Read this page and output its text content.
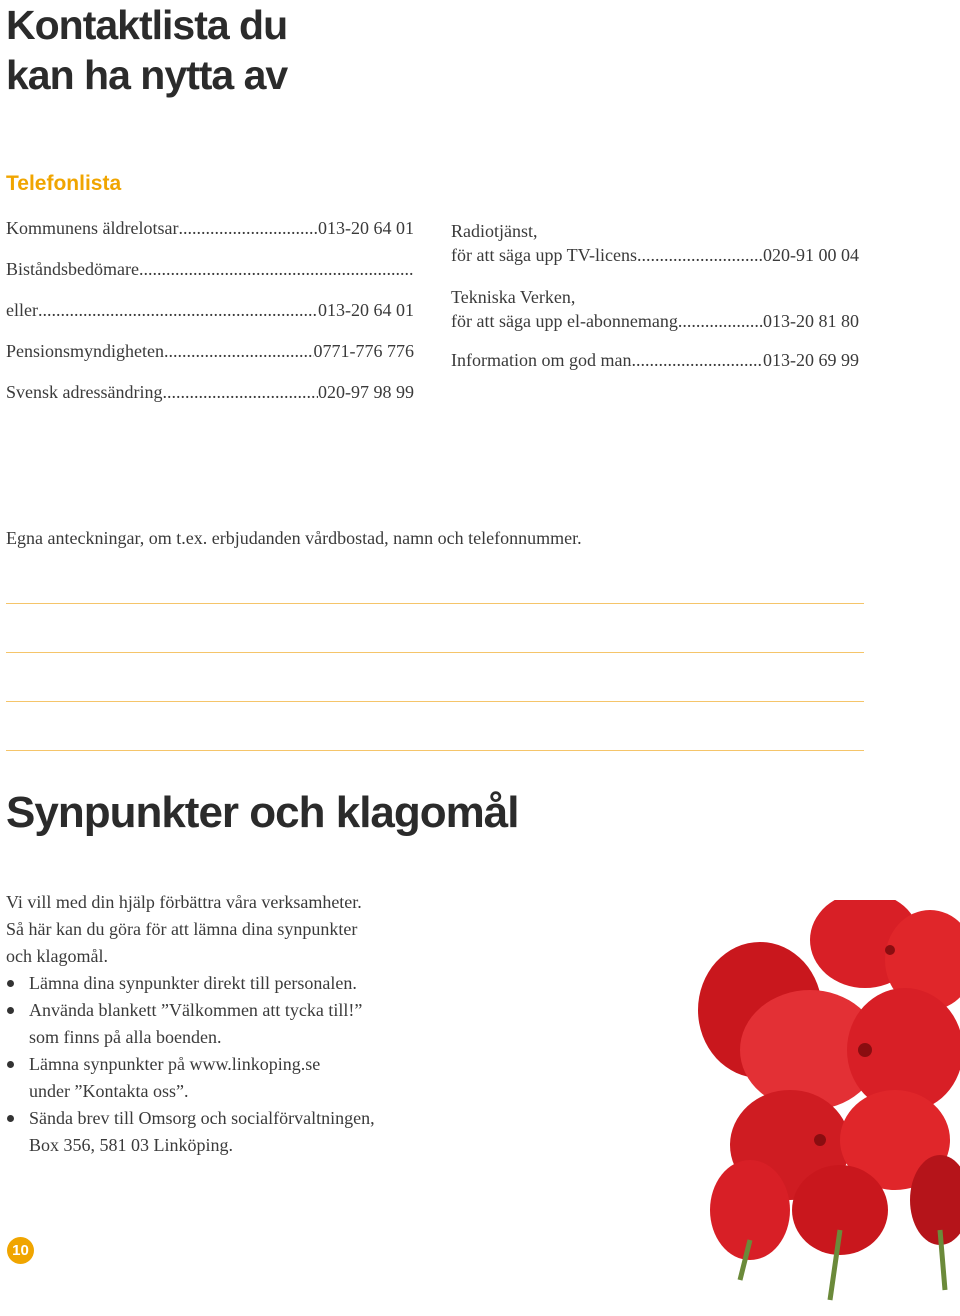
Kontaktlista du
kan ha nytta av
Telefonlista
Kommunens äldrelotsar .....	013-20 64 01
Biståndsbedömare
.....
eller .....	013-20 64 01
Pensionsmyndigheten .....	0771-776 776
Svensk adressändring .....	020-97 98 99
Radiotjänst,
för att säga upp TV-licens .....	020-91 00 04
Tekniska Verken,
för att säga upp el-abonnemang .....	013-20 81 80
Information om god man .....	013-20 69 99

Egna anteckningar, om t.ex. erbjudanden vårdbostad, namn och telefonnummer.

Synpunkter och klagomål

Vi vill med din hjälp förbättra våra verksamheter.

Så här kan du göra för att lämna dina synpunkter

och klagomål.

Lämna dina synpunkter direkt till personalen.
Använda blankett ”Välkommen att tycka till!”
som finns på alla boenden.
Lämna synpunkter på www.linkoping.se
under ”Kontakta oss”.
Sända brev till Omsorg och socialförvaltningen,
Box 356, 581 03 Linköping.
10
